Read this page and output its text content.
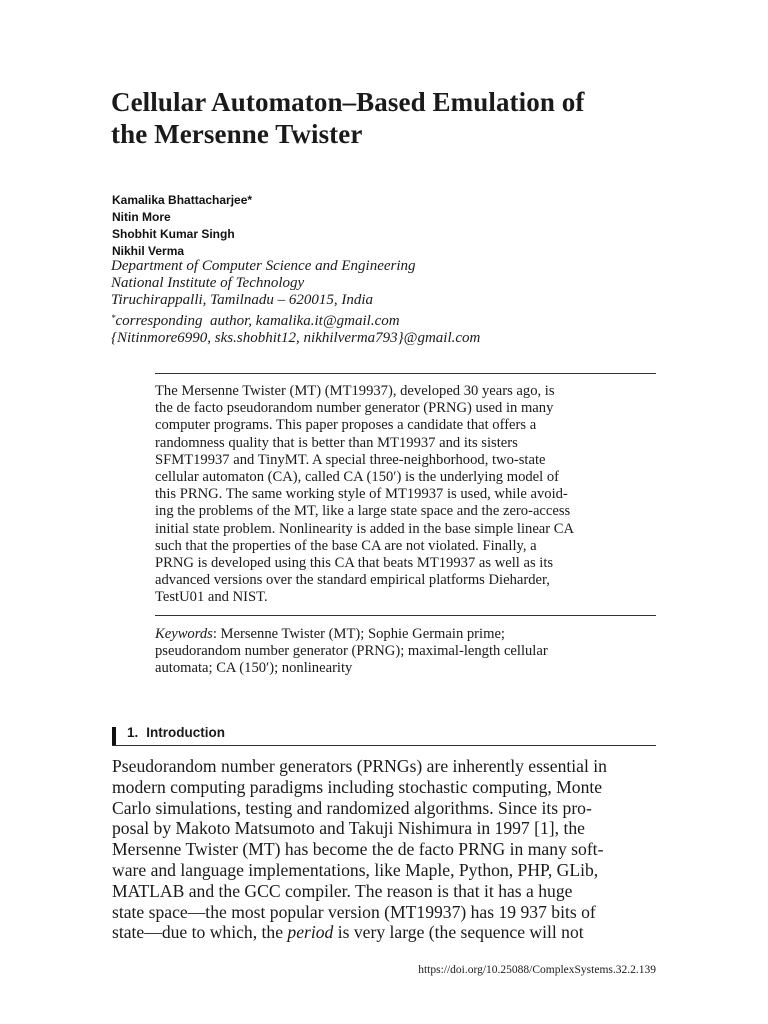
Cellular Automaton–Based Emulation of
the Mersenne Twister
Kamalika Bhattacharjee*
Nitin More
Shobhit Kumar Singh
Nikhil Verma
Department of Computer Science and Engineering
National Institute of Technology
Tiruchirappalli, Tamilnadu – 620015, India
*corresponding  author, kamalika.it@gmail.com
{Nitinmore6990, sks.shobhit12, nikhilverma793}@gmail.com
The Mersenne Twister (MT) (MT19937), developed 30 years ago, is
the de facto pseudorandom number generator (PRNG) used in many
computer programs. This paper proposes a candidate that offers a
randomness quality that is better than MT19937 and its sisters
SFMT19937 and TinyMT. A special three-neighborhood, two-state
cellular automaton (CA), called CA (150′) is the underlying model of
this PRNG. The same working style of MT19937 is used, while avoid-
ing the problems of the MT, like a large state space and the zero-access
initial state problem. Nonlinearity is added in the base simple linear CA
such that the properties of the base CA are not violated. Finally, a
PRNG is developed using this CA that beats MT19937 as well as its
advanced versions over the standard empirical platforms Dieharder,
TestU01 and NIST.
Keywords: Mersenne Twister (MT); Sophie Germain prime;
pseudorandom number generator (PRNG); maximal-length cellular
automata; CA (150′); nonlinearity
1. Introduction
Pseudorandom number generators (PRNGs) are inherently essential in
modern computing paradigms including stochastic computing, Monte
Carlo simulations, testing and randomized algorithms. Since its pro-
posal by Makoto Matsumoto and Takuji Nishimura in 1997 [1], the
Mersenne Twister (MT) has become the de facto PRNG in many soft-
ware and language implementations, like Maple, Python, PHP, GLib,
MATLAB and the GCC compiler. The reason is that it has a huge
state space—the most popular version (MT19937) has 19 937 bits of
state—due to which, the period is very large (the sequence will not
https://doi.org/10.25088/ComplexSystems.32.2.139
